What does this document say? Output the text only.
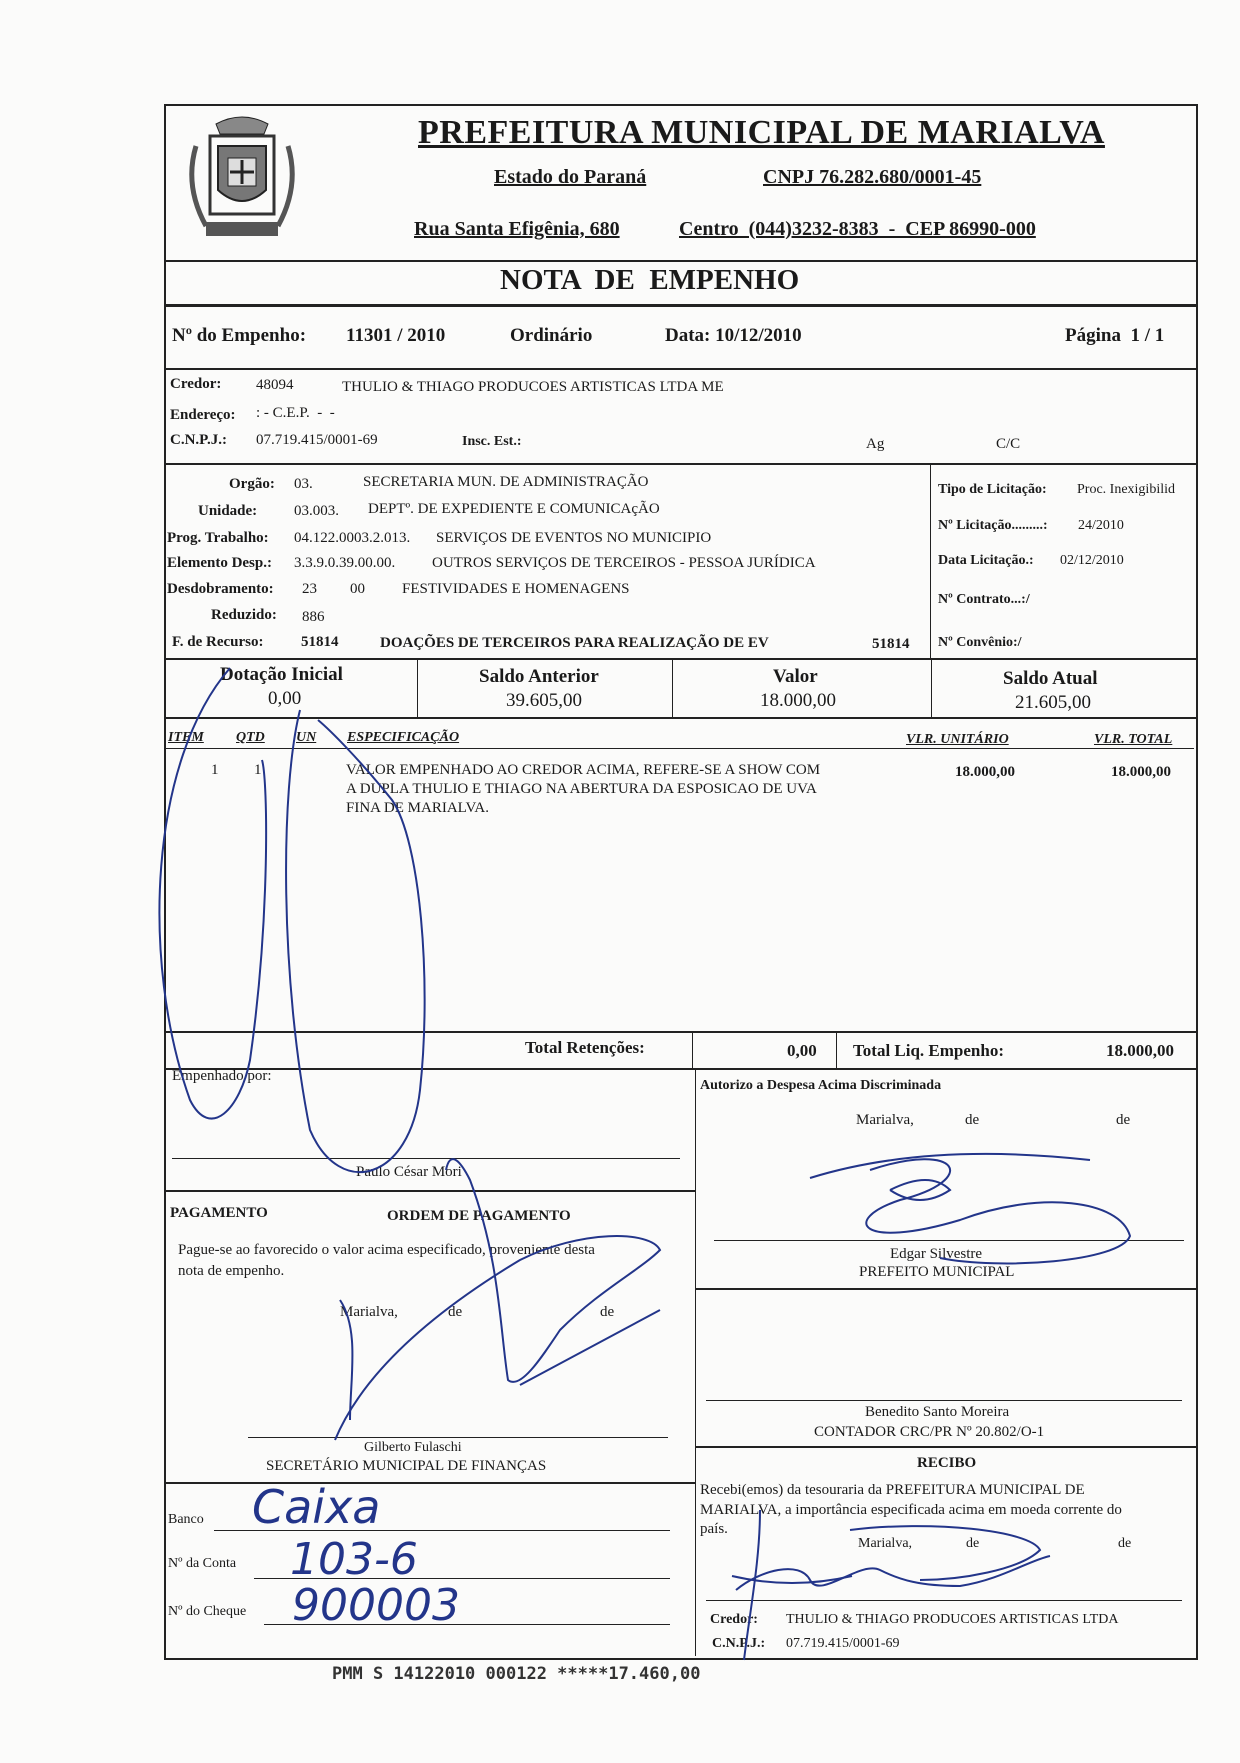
PREFEITURA MUNICIPAL DE MARIALVA
Estado do Paraná	CNPJ 76.282.680/0001-45
Rua Santa Efigênia, 680	Centro  (044)3232-8383  -  CEP 86990-000
NOTA  DE  EMPENHO
Nº do Empenho: 11301 / 2010	Ordinário	Data: 10/12/2010	Página  1 / 1
Credor: 48094	THULIO & THIAGO PRODUCOES ARTISTICAS LTDA ME
Endereço: : - C.E.P.  -  -
C.N.P.J.: 07.719.415/0001-69	Insc. Est.:	Ag	C/C
Orgão: 03.	SECRETARIA MUN. DE ADMINISTRAÇÃO
Unidade: 03.003. DEPTº. DE EXPEDIENTE E COMUNICAçÃO
Prog. Trabalho: 04.122.0003.2.013. SERVIÇOS DE EVENTOS NO MUNICIPIO
Elemento Desp.: 3.3.9.0.39.00.00. OUTROS SERVIÇOS DE TERCEIROS - PESSOA JURÍDICA
Desdobramento: 23 00 FESTIVIDADES E HOMENAGENS
Reduzido: 886
F. de Recurso: 51814	DOAÇÕES DE TERCEIROS PARA REALIZAÇÃO DE EV	51814
Tipo de Licitação: Proc. Inexigibilid
Nº Licitação.........: 24/2010
Data Licitação.: 02/12/2010
Nº Contrato...:/
Nº Convênio:/
Dotação Inicial
0,00
Saldo Anterior
39.605,00
Valor
18.000,00
Saldo Atual
21.605,00
ITEM QTD UN ESPECIFICAÇÃO	VLR. UNITÁRIO	VLR. TOTAL
1 1	VALOR EMPENHADO AO CREDOR ACIMA, REFERE-SE A SHOW COM
A DUPLA THULIO E THIAGO NA ABERTURA DA ESPOSICAO DE UVA
FINA DE MARIALVA.
18.000,00	18.000,00
Total Retenções:	0,00 Total Liq. Empenho:	18.000,00
Empenhado por:
Paulo César Mori
Autorizo a Despesa Acima Discriminada
Marialva,	de	de
Edgar Silvestre
PREFEITO MUNICIPAL
PAGAMENTO	ORDEM DE PAGAMENTO
Pague-se ao favorecido o valor acima especificado, proveniente desta
nota de empenho.
Marialva,	de	de
Gilberto Fulaschi
SECRETÁRIO MUNICIPAL DE FINANÇAS
Banco Caixa
Nº da Conta 103-6
Nº do Cheque 900003
Benedito Santo Moreira
CONTADOR CRC/PR Nº 20.802/O-1
RECIBO
Recebi(emos) da tesouraria da PREFEITURA MUNICIPAL DE
MARIALVA, a importância especificada acima em moeda corrente do
país.
Marialva,	de	de
Credor: THULIO & THIAGO PRODUCOES ARTISTICAS LTDA
C.N.P.J.: 07.719.415/0001-69
PMM S 14122010 000122 *****17.460,00
